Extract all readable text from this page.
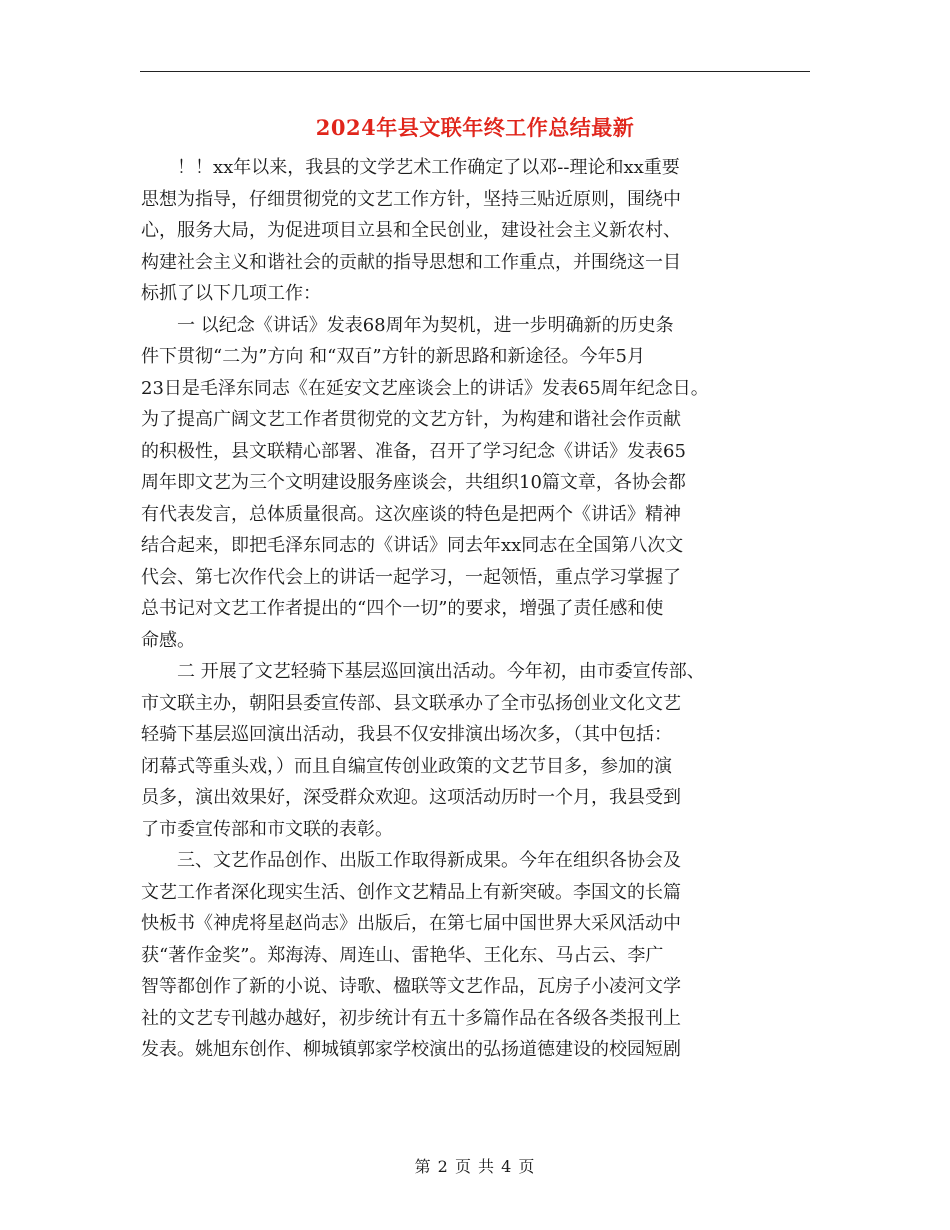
2024年县文联年终工作总结最新
　　！！xx年以来，我县的文学艺术工作确定了以邓--理论和xx重要
思想为指导，仔细贯彻党的文艺工作方针，坚持三贴近原则，围绕中
心，服务大局，为促进项目立县和全民创业，建设社会主义新农村、
构建社会主义和谐社会的贡献的指导思想和工作重点，并围绕这一目
标抓了以下几项工作：
　　一 以纪念《讲话》发表68周年为契机，进一步明确新的历史条
件下贯彻“二为”方向 和“双百”方针的新思路和新途径。今年5月
23日是毛泽东同志《在延安文艺座谈会上的讲话》发表65周年纪念日。
为了提高广阔文艺工作者贯彻党的文艺方针，为构建和谐社会作贡献
的积极性，县文联精心部署、准备，召开了学习纪念《讲话》发表65
周年即文艺为三个文明建设服务座谈会，共组织10篇文章，各协会都
有代表发言，总体质量很高。这次座谈的特色是把两个《讲话》精神
结合起来，即把毛泽东同志的《讲话》同去年xx同志在全国第八次文
代会、第七次作代会上的讲话一起学习，一起领悟，重点学习掌握了
总书记对文艺工作者提出的“四个一切”的要求，增强了责任感和使
命感。
　　二 开展了文艺轻骑下基层巡回演出活动。今年初，由市委宣传部、
市文联主办，朝阳县委宣传部、县文联承办了全市弘扬创业文化文艺
轻骑下基层巡回演出活动，我县不仅安排演出场次多，（其中包括：
闭幕式等重头戏，）而且自编宣传创业政策的文艺节目多，参加的演
员多，演出效果好，深受群众欢迎。这项活动历时一个月，我县受到
了市委宣传部和市文联的表彰。
　　三、文艺作品创作、出版工作取得新成果。今年在组织各协会及
文艺工作者深化现实生活、创作文艺精品上有新突破。李国文的长篇
快板书《神虎将星赵尚志》出版后，在第七届中国世界大采风活动中
获“著作金奖”。郑海涛、周连山、雷艳华、王化东、马占云、李广
智等都创作了新的小说、诗歌、楹联等文艺作品，瓦房子小凌河文学
社的文艺专刊越办越好，初步统计有五十多篇作品在各级各类报刊上
发表。姚旭东创作、柳城镇郭家学校演出的弘扬道德建设的校园短剧
第 2 页 共 4 页
